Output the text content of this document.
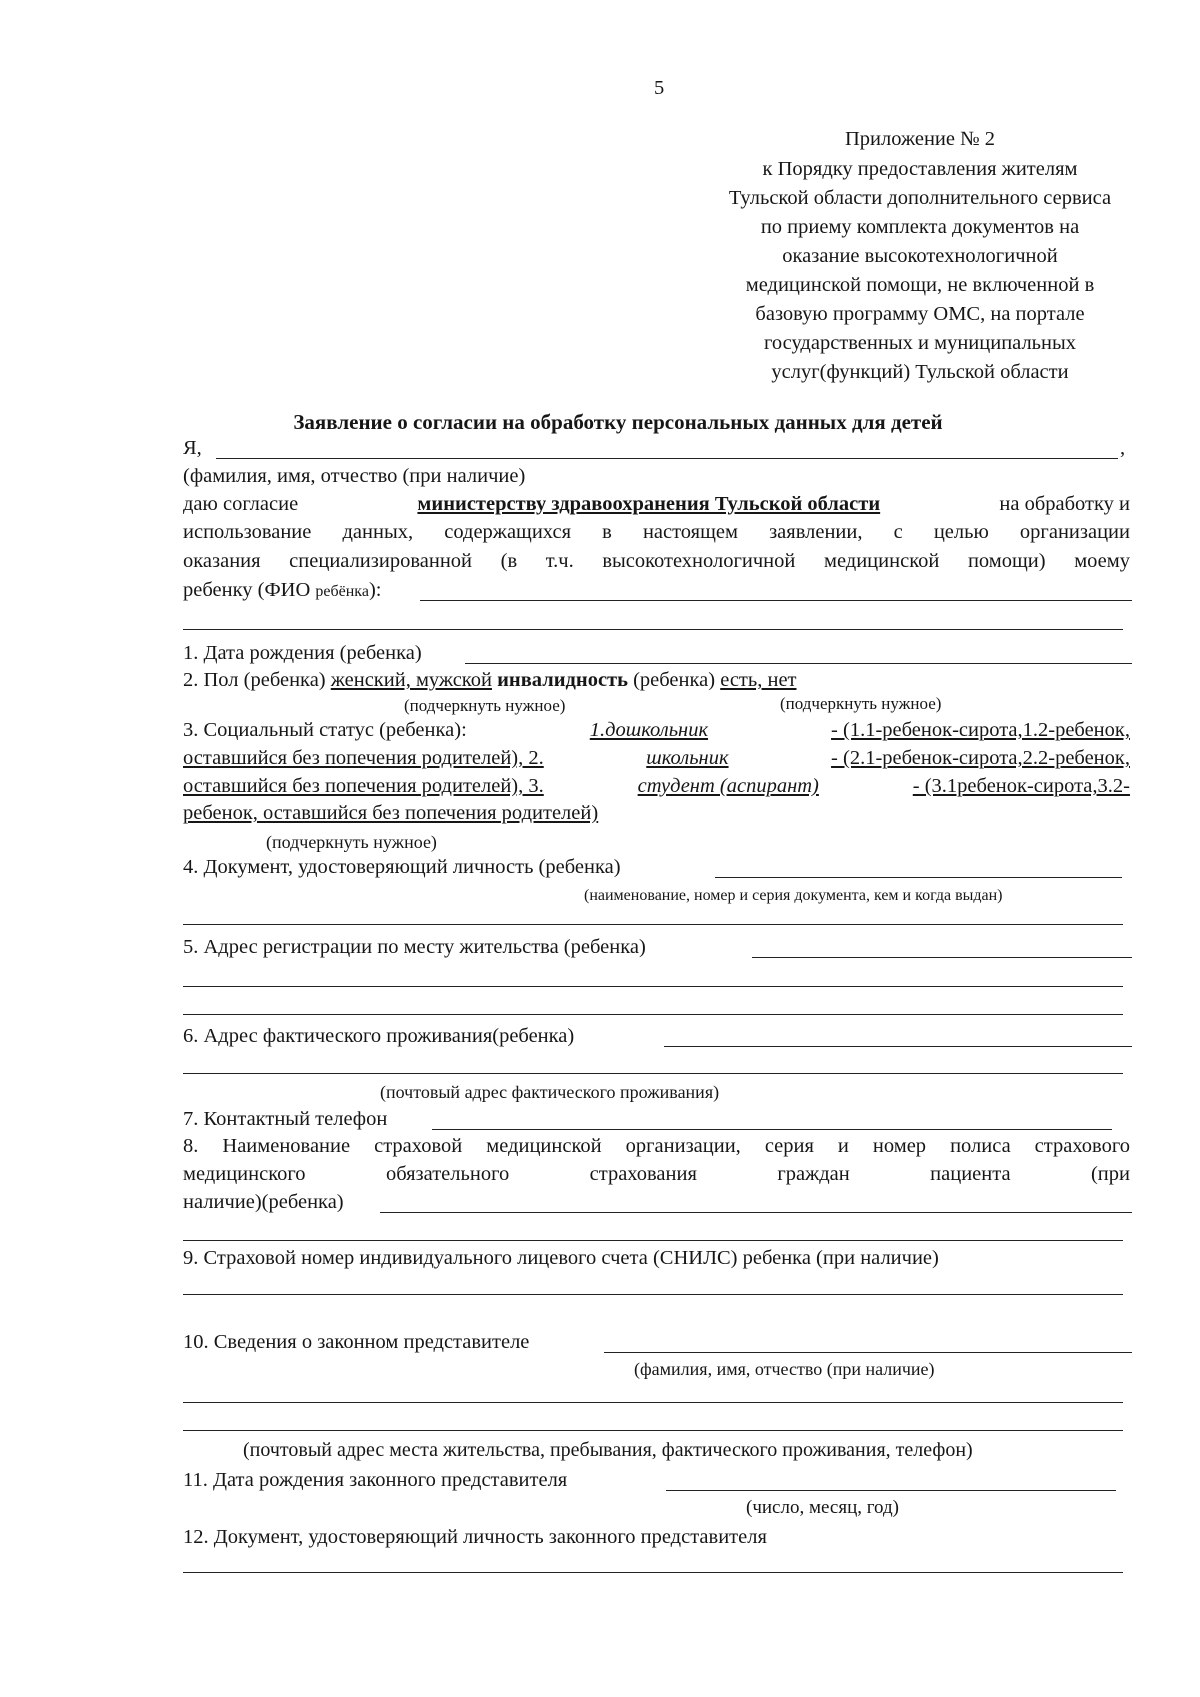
5
Приложение № 2
к Порядку предоставления жителям
Тульской области дополнительного сервиса
по приему комплекта документов на
оказание высокотехнологичной
медицинской помощи, не включенной в
базовую программу ОМС, на портале
государственных и муниципальных
услуг(функций) Тульской области
Заявление о согласии на обработку персональных данных для детей
Я,	,
(фамилия, имя, отчество (при наличие)
даю согласие	министерству здравоохранения Тульской области	на обработку и
использование данных, содержащихся в настоящем заявлении, с целью организации
оказания специализированной (в т.ч. высокотехнологичной медицинской помощи) моему
ребенку (ФИО ребёнка):
1. Дата рождения (ребенка)
2. Пол (ребенка) женский, мужской инвалидность (ребенка) есть, нет
(подчеркнуть нужное)	(подчеркнуть нужное)
3. Социальный статус (ребенка):	1.дошкольник	- (1.1-ребенок-сирота,1.2-ребенок,
оставшийся без попечения родителей), 2.	школьник	- (2.1-ребенок-сирота,2.2-ребенок,
оставшийся без попечения родителей), 3.	студент (аспирант)	- (3.1ребенок-сирота,3.2-
ребенок, оставшийся без попечения родителей)
(подчеркнуть нужное)
4. Документ, удостоверяющий личность (ребенка)
(наименование, номер и серия документа, кем и когда выдан)
5. Адрес регистрации по месту жительства (ребенка)
6. Адрес фактического проживания(ребенка)
(почтовый адрес фактического проживания)
7. Контактный телефон
8. Наименование страховой медицинской организации, серия и номер полиса страхового
медицинского обязательного страхования граждан пациента (при
наличие)(ребенка)
9. Страховой номер индивидуального лицевого счета (СНИЛС) ребенка (при наличие)
10. Сведения о законном представителе
(фамилия, имя, отчество (при наличие)
(почтовый адрес места жительства, пребывания, фактического проживания, телефон)
11. Дата рождения законного представителя
(число, месяц, год)
12. Документ, удостоверяющий личность законного представителя
